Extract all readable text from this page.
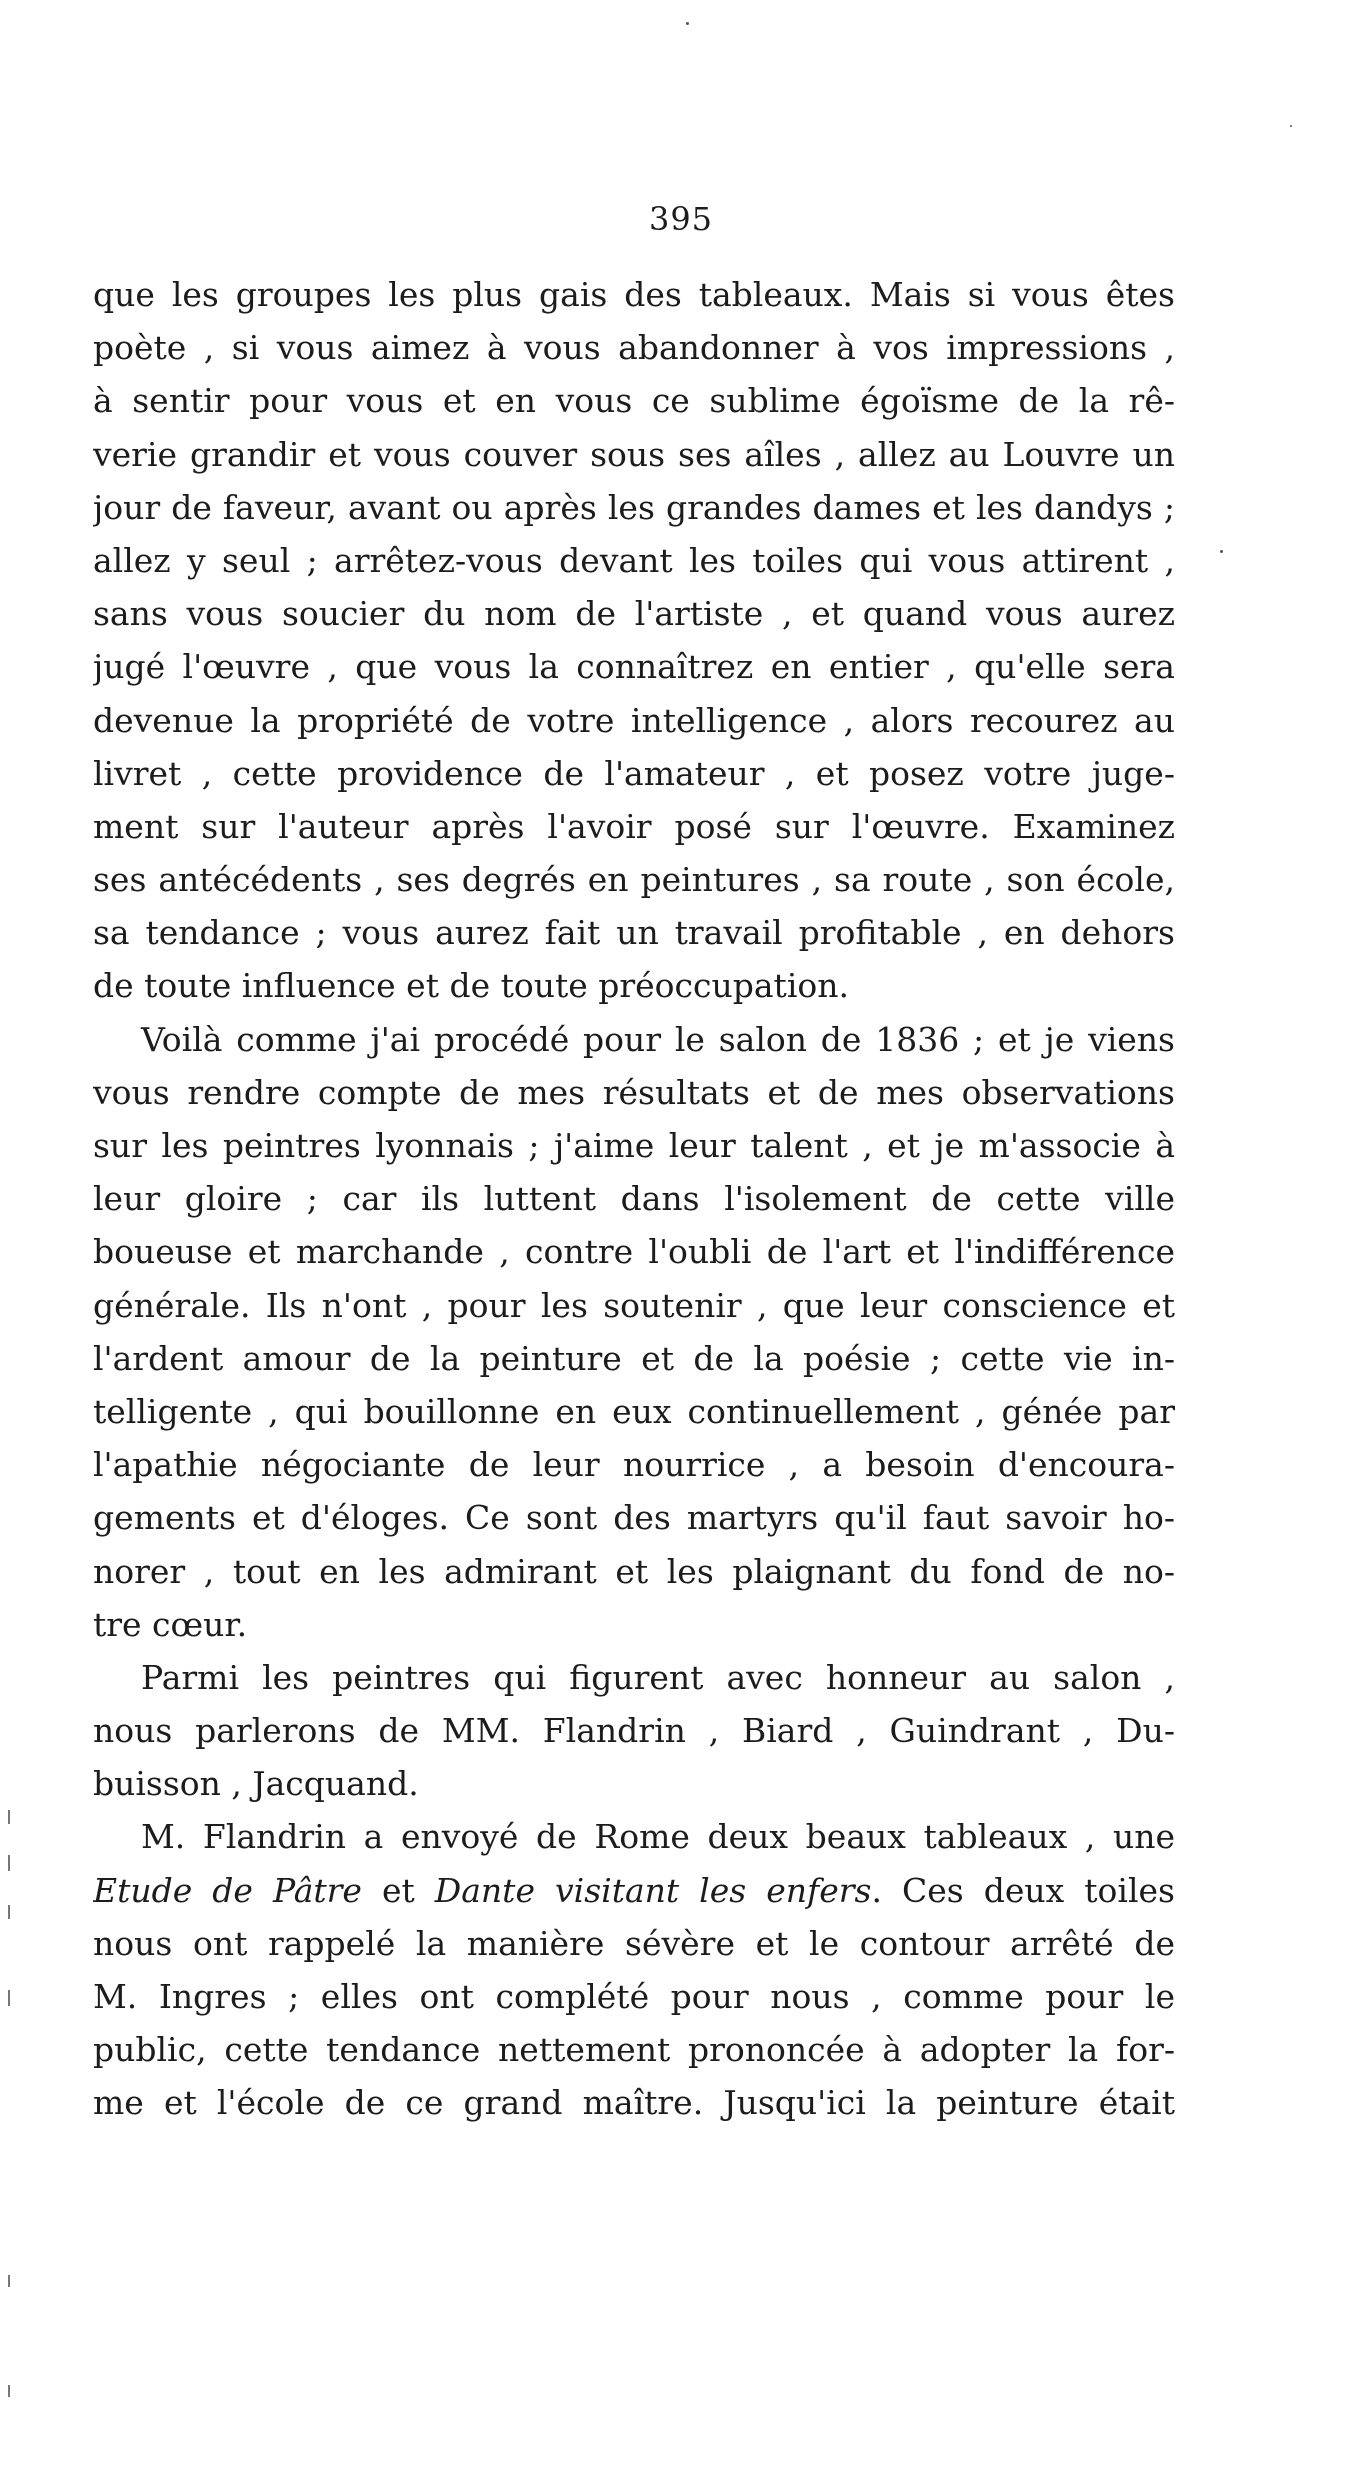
395
que les groupes les plus gais des tableaux. Mais si vous êtes
poète , si vous aimez à vous abandonner à vos impressions ,
à sentir pour vous et en vous ce sublime égoïsme de la rê-
verie grandir et vous couver sous ses aîles , allez au Louvre un
jour de faveur, avant ou après les grandes dames et les dandys ;
allez y seul ; arrêtez-vous devant les toiles qui vous attirent ,
sans vous soucier du nom de l'artiste , et quand vous aurez
jugé l'œuvre , que vous la connaîtrez en entier , qu'elle sera
devenue la propriété de votre intelligence , alors recourez au
livret , cette providence de l'amateur , et posez votre juge-
ment sur l'auteur après l'avoir posé sur l'œuvre. Examinez
ses antécédents , ses degrés en peintures , sa route , son école,
sa tendance ; vous aurez fait un travail profitable , en dehors
de toute influence et de toute préoccupation.
Voilà comme j'ai procédé pour le salon de 1836 ; et je viens
vous rendre compte de mes résultats et de mes observations
sur les peintres lyonnais ; j'aime leur talent , et je m'associe à
leur gloire ; car ils luttent dans l'isolement de cette ville
boueuse et marchande , contre l'oubli de l'art et l'indifférence
générale. Ils n'ont , pour les soutenir , que leur conscience et
l'ardent amour de la peinture et de la poésie ; cette vie in-
telligente , qui bouillonne en eux continuellement , génée par
l'apathie négociante de leur nourrice , a besoin d'encoura-
gements et d'éloges. Ce sont des martyrs qu'il faut savoir ho-
norer , tout en les admirant et les plaignant du fond de no-
tre cœur.
Parmi les peintres qui figurent avec honneur au salon ,
nous parlerons de MM. Flandrin , Biard , Guindrant , Du-
buisson , Jacquand.
M. Flandrin a envoyé de Rome deux beaux tableaux , une
Etude de Pâtre et Dante visitant les enfers. Ces deux toiles
nous ont rappelé la manière sévère et le contour arrêté de
M. Ingres ; elles ont complété pour nous , comme pour le
public, cette tendance nettement prononcée à adopter la for-
me et l'école de ce grand maître. Jusqu'ici la peinture était
